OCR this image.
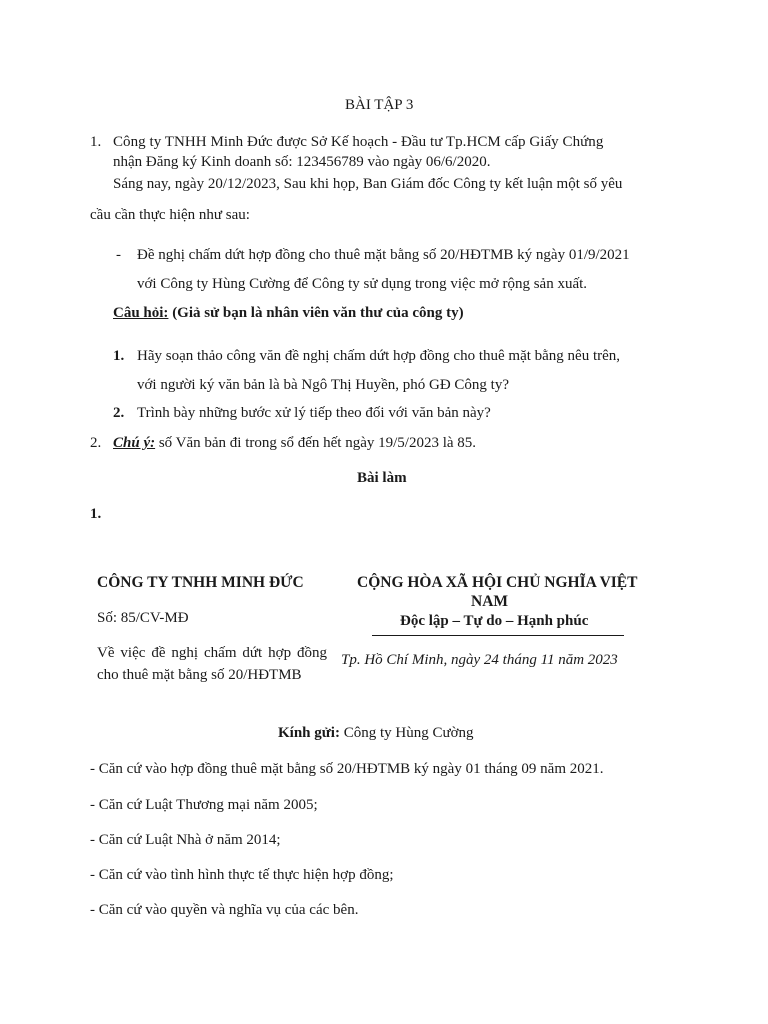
BÀI TẬP 3
1. Công ty TNHH Minh Đức được Sở Kế hoạch - Đầu tư Tp.HCM cấp Giấy Chứng
nhận Đăng ký Kinh doanh số: 123456789 vào ngày 06/6/2020.
Sáng nay, ngày 20/12/2023, Sau khi họp, Ban Giám đốc Công ty kết luận một số yêu
cầu cần thực hiện như sau:
- Đề nghị chấm dứt hợp đồng cho thuê mặt bằng số 20/HĐTMB ký ngày 01/9/2021
với Công ty Hùng Cường để Công ty sử dụng trong việc mở rộng sản xuất.
Câu hỏi: (Giả sử bạn là nhân viên văn thư của công ty)
1. Hãy soạn thảo công văn đề nghị chấm dứt hợp đồng cho thuê mặt bằng nêu trên,
với người ký văn bản là bà Ngô Thị Huyền, phó GĐ Công ty?
2. Trình bày những bước xử lý tiếp theo đối với văn bản này?
2. Chú ý: số Văn bản đi trong sổ đến hết ngày 19/5/2023 là 85.
Bài làm
1.
CÔNG TY TNHH MINH ĐỨC
Số: 85/CV-MĐ
Về việc đề nghị chấm dứt hợp đồng cho thuê mặt bằng số 20/HĐTMB
CỘNG HÒA XÃ HỘI CHỦ NGHĨA VIỆT
NAM
Độc lập – Tự do – Hạnh phúc
Tp. Hồ Chí Minh, ngày 24 tháng 11 năm 2023
Kính gửi: Công ty Hùng Cường
- Căn cứ vào hợp đồng thuê mặt bằng số 20/HĐTMB ký ngày 01 tháng 09 năm 2021.
- Căn cứ Luật Thương mại năm 2005;
- Căn cứ Luật Nhà ở năm 2014;
- Căn cứ vào tình hình thực tế thực hiện hợp đồng;
- Căn cứ vào quyền và nghĩa vụ của các bên.
